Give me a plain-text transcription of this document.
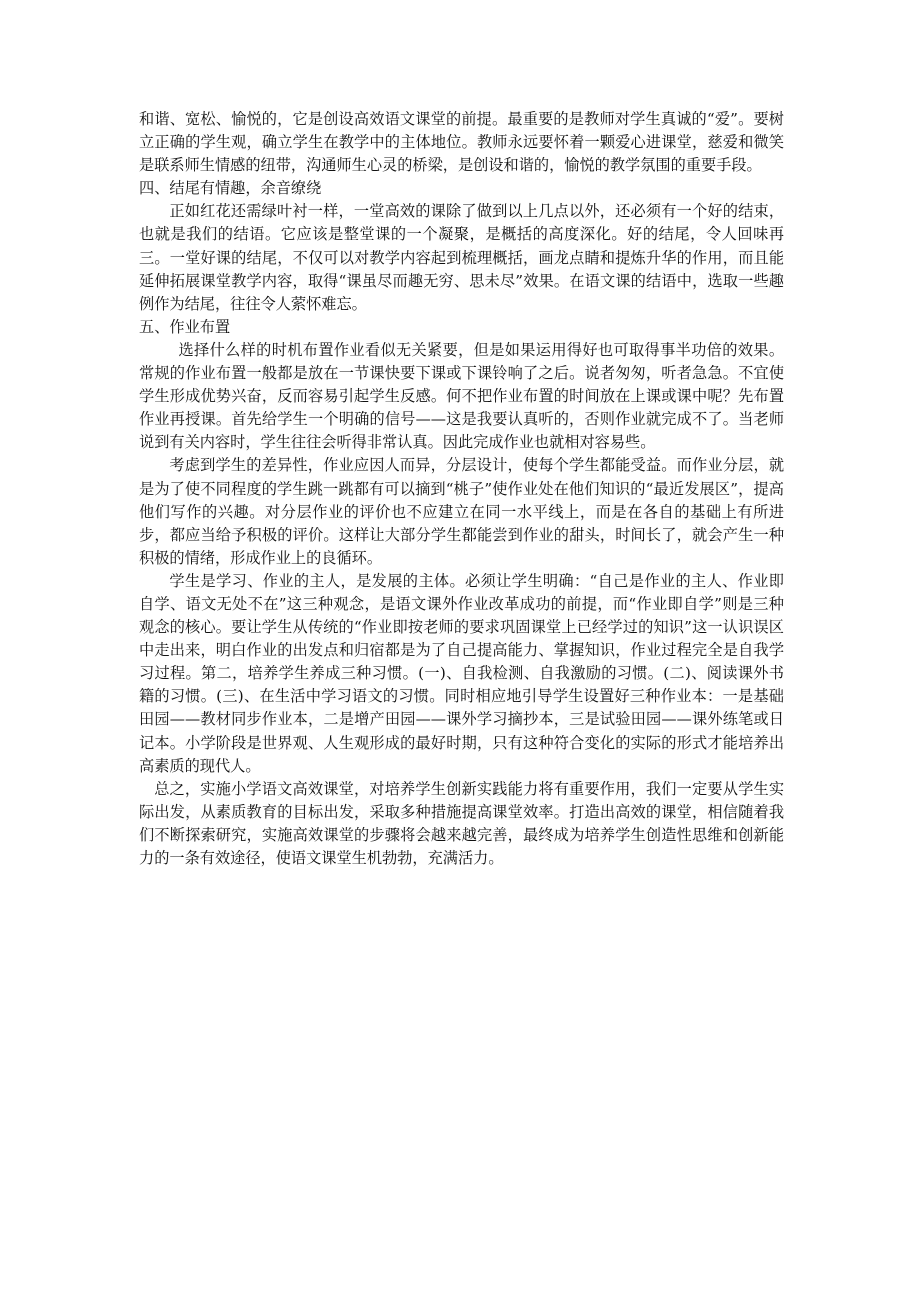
和谐、宽松、愉悦的，它是创设高效语文课堂的前提。最重要的是教师对学生真诚的“爱”。要树立正确的学生观，确立学生在教学中的主体地位。教师永远要怀着一颗爱心进课堂，慈爱和微笑是联系师生情感的纽带，沟通师生心灵的桥梁，是创设和谐的，愉悦的教学氛围的重要手段。

四、结尾有情趣，余音缭绕

正如红花还需绿叶衬一样，一堂高效的课除了做到以上几点以外，还必须有一个好的结束，也就是我们的结语。它应该是整堂课的一个凝聚，是概括的高度深化。好的结尾，令人回味再三。一堂好课的结尾，不仅可以对教学内容起到梳理概括，画龙点睛和提炼升华的作用，而且能延伸拓展课堂教学内容，取得“课虽尽而趣无穷、思未尽”效果。在语文课的结语中，选取一些趣例作为结尾，往往令人萦怀难忘。

五、作业布置

选择什么样的时机布置作业看似无关紧要，但是如果运用得好也可取得事半功倍的效果。常规的作业布置一般都是放在一节课快要下课或下课铃响了之后。说者匆匆，听者急急。不宜使学生形成优势兴奋，反而容易引起学生反感。何不把作业布置的时间放在上课或课中呢？先布置作业再授课。首先给学生一个明确的信号——这是我要认真听的，否则作业就完成不了。当老师说到有关内容时，学生往往会听得非常认真。因此完成作业也就相对容易些。

考虑到学生的差异性，作业应因人而异，分层设计，使每个学生都能受益。而作业分层，就是为了使不同程度的学生跳一跳都有可以摘到“桃子”使作业处在他们知识的“最近发展区”，提高他们写作的兴趣。对分层作业的评价也不应建立在同一水平线上，而是在各自的基础上有所进步，都应当给予积极的评价。这样让大部分学生都能尝到作业的甜头，时间长了，就会产生一种积极的情绪，形成作业上的良循环。

学生是学习、作业的主人，是发展的主体。必须让学生明确：“自己是作业的主人、作业即自学、语文无处不在”这三种观念，是语文课外作业改革成功的前提，而“作业即自学”则是三种观念的核心。要让学生从传统的“作业即按老师的要求巩固课堂上已经学过的知识”这一认识误区中走出来，明白作业的出发点和归宿都是为了自己提高能力、掌握知识，作业过程完全是自我学习过程。第二，培养学生养成三种习惯。(一)、自我检测、自我激励的习惯。(二)、阅读课外书籍的习惯。(三)、在生活中学习语文的习惯。同时相应地引导学生设置好三种作业本：一是基础田园——教材同步作业本，二是增产田园——课外学习摘抄本，三是试验田园——课外练笔或日记本。小学阶段是世界观、人生观形成的最好时期，只有这种符合变化的实际的形式才能培养出高素质的现代人。

总之，实施小学语文高效课堂，对培养学生创新实践能力将有重要作用，我们一定要从学生实际出发，从素质教育的目标出发，采取多种措施提高课堂效率。打造出高效的课堂，相信随着我们不断探索研究，实施高效课堂的步骤将会越来越完善，最终成为培养学生创造性思维和创新能力的一条有效途径，使语文课堂生机勃勃，充满活力。
